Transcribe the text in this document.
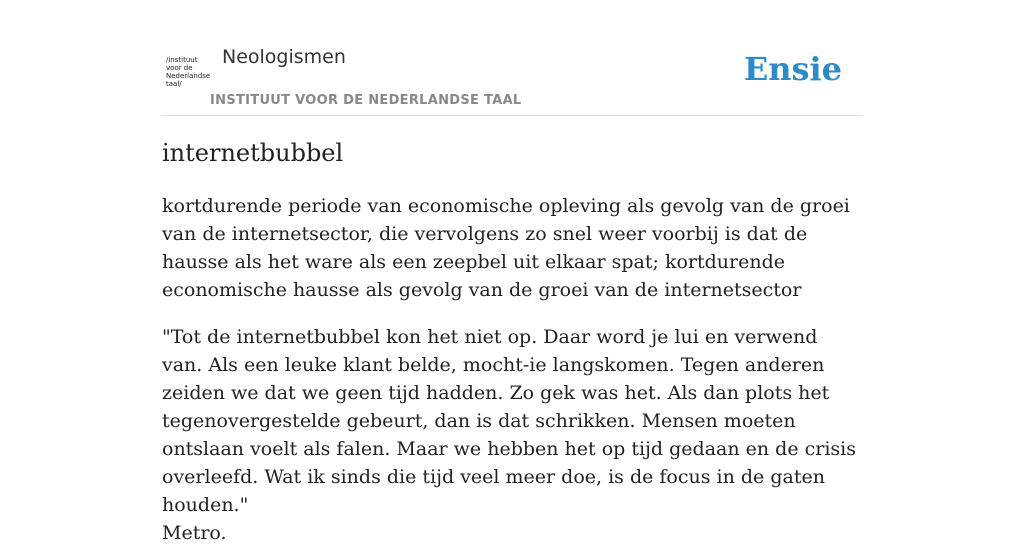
/instituut
voor de
Nederlandse
taal/
Neologismen
INSTITUUT VOOR DE NEDERLANDSE TAAL
Ensie
internetbubbel

kortdurende periode van economische opleving als gevolg van de groei van de internetsector, die vervolgens zo snel weer voorbij is dat de hausse als het ware als een zeepbel uit elkaar spat; kortdurende economische hausse als gevolg van de groei van de internetsector

"Tot de internetbubbel kon het niet op. Daar word je lui en verwend van. Als een leuke klant belde, mocht-ie langskomen. Tegen anderen zeiden we dat we geen tijd hadden. Zo gek was het. Als dan plots het tegenovergestelde gebeurt, dan is dat schrikken. Mensen moeten ontslaan voelt als falen. Maar we hebben het op tijd gedaan en de crisis overleefd. Wat ik sinds die tijd veel meer doe, is de focus in de gaten houden."
Metro.
